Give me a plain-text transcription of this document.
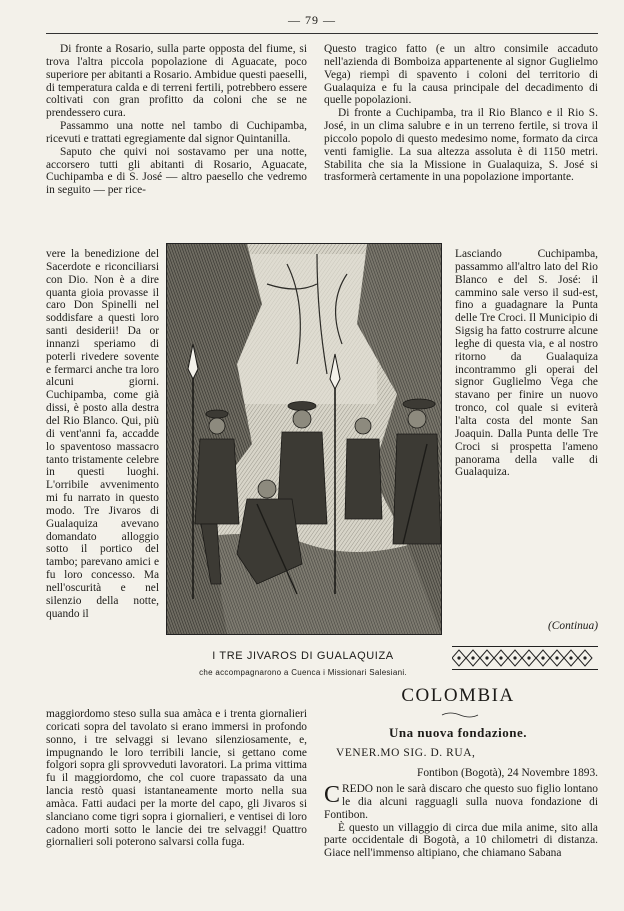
— 79 —

Di fronte a Rosario, sulla parte opposta del fiume, si trova l'altra piccola popolazione di Aguacate, poco superiore per abitanti a Rosario. Ambidue questi paeselli, di temperatura calda e di terreni fertili, potrebbero essere coltivati con gran profitto da coloni che se ne prendessero cura.

Passammo una notte nel tambo di Cuchipamba, ricevuti e trattati egregiamente dal signor Quintanilla.

Saputo che quivi noi sostavamo per una notte, accorsero tutti gli abitanti di Rosario, Aguacate, Cuchipamba e di S. José — altro paesello che vedremo in seguito — per rice-

vere la benedizione del Sacerdote e riconciliarsi con Dio. Non è a dire quanta gioia provasse il caro Don Spinelli nel soddisfare a questi loro santi desiderii! Da or innanzi speriamo di poterli rivedere sovente e fermarci anche tra loro alcuni giorni. Cuchipamba, come già dissi, è posto alla destra del Rio Blanco. Qui, più di vent'anni fa, accadde lo spaventoso massacro tanto tristamente celebre in questi luoghi. L'orribile avvenimento mi fu narrato in questo modo. Tre Jivaros di Gualaquiza avevano domandato alloggio sotto il portico del tambo; parevano amici e fu loro concesso. Ma nell'oscurità e nel silenzio della notte, quando il

maggiordomo steso sulla sua amàca e i trenta giornalieri coricati sopra del tavolato si erano immersi in profondo sonno, i tre selvaggi si levano silenziosamente, e, impugnando le loro terribili lancie, si gettano come folgori sopra gli sprovveduti lavoratori. La prima vittima fu il maggiordomo, che col cuore trapassato da una lancia restò quasi istantaneamente morto nella sua amàca. Fatti audaci per la morte del capo, gli Jivaros si slanciano come tigri sopra i giornalieri, e ventisei di loro cadono morti sotto le lancie dei tre selvaggi! Quattro giornalieri soli poterono salvarsi colla fuga.

Questo tragico fatto (e un altro consimile accaduto nell'azienda di Bomboiza appartenente al signor Guglielmo Vega) riempì di spavento i coloni del territorio di Gualaquiza e fu la causa principale del decadimento di quelle popolazioni.

Di fronte a Cuchipamba, tra il Rio Blanco e il Rio S. José, in un clima salubre e in un terreno fertile, si trova il piccolo popolo di questo medesimo nome, formato da circa venti famiglie. La sua altezza assoluta è di 1150 metri. Stabilita che sia la Missione in Gualaquiza, S. José si trasformerà certamente in una popolazione importante.

Lasciando Cuchipamba, passammo all'altro lato del Rio Blanco e del S. José: il cammino sale verso il sud-est, fino a guadagnare la Punta delle Tre Croci. Il Municipio di Sigsig ha fatto costrurre alcune leghe di questa via, e al nostro ritorno da Gualaquiza incontrammo gli operai del signor Guglielmo Vega che stavano per finire un nuovo tronco, col quale si eviterà l'alta costa del monte San Joaquin. Dalla Punta delle Tre Croci si prospetta l'ameno panorama della valle di Gualaquiza.

(Continua)
I TRE JIVAROS DI GUALAQUIZA
che accompagnarono a Cuenca i Missionari Salesiani.
COLOMBIA
Una nuova fondazione.
VENER.MO SIG. D. RUA,
Fontibon (Bogotà), 24 Novembre 1893.

CREDO non le sarà discaro che questo suo figlio lontano le dia alcuni ragguagli sulla nuova fondazione di Fontibon.

È questo un villaggio di circa due mila anime, sito alla parte occidentale di Bogotà, a 10 chilometri di distanza. Giace nell'immenso altipiano, che chiamano Sabana
